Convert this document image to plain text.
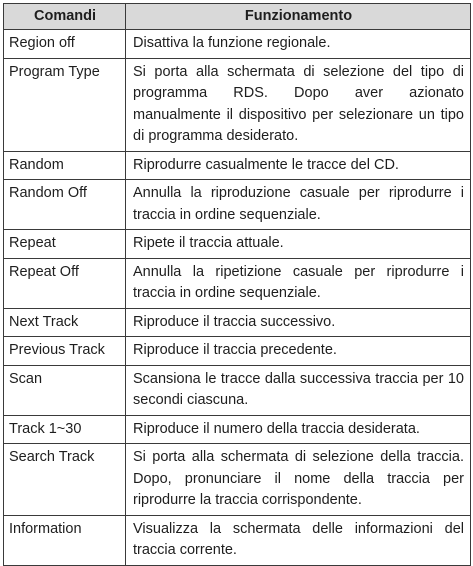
Comandi	Funzionamento
Region off	Disattiva la funzione regionale.
Program Type	Si porta alla schermata di selezione del tipo di programma RDS. Dopo aver azionato manualmente il dispositivo per selezionare un tipo di programma desiderato.
Random	Riprodurre casualmente le tracce del CD.
Random Off	Annulla la riproduzione casuale per riprodurre i traccia in ordine sequenziale.
Repeat	Ripete il traccia attuale.
Repeat Off	Annulla la ripetizione casuale per riprodurre i traccia in ordine sequenziale.
Next Track	Riproduce il traccia successivo.
Previous Track	Riproduce il traccia precedente.
Scan	Scansiona le tracce dalla successiva traccia per 10 secondi ciascuna.
Track 1~30	Riproduce il numero della traccia desiderata.
Search Track	Si porta alla schermata di selezione della traccia. Dopo, pronunciare il nome della traccia per riprodurre la traccia corrispondente.
Information	Visualizza la schermata delle informazioni del traccia corrente.
